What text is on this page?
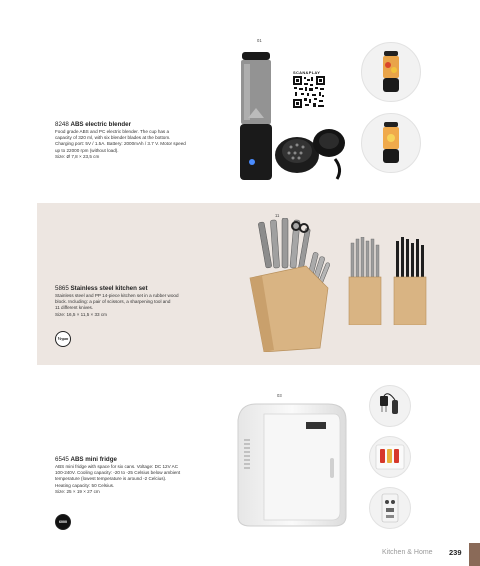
01
SCAN&PLAY
8248 ABS electric blender
Food grade ABS and PC electric blender. The cup has a
capacity of 320 ml, with six blender blades at the bottom.
Charging port: 5V / 1.5A. Battery: 2000mAh / 3.7 V. Motor speed
up to 22000 rpm (without load).
Size: Ø 7,8 × 23,5 cm
11
5865 Stainless steel kitchen set
Stainless steel and PP 14-piece kitchen set in a rubber wood
block. Including: a pair of scissors, a sharpening tool and
11 different knives.
Size: 16,5 × 11,5 × 33 cm
Vegan
03
6545 ABS mini fridge
ABS mini fridge with space for six cans. Voltage: DC 12V AC
100-240V. Cooling capacity: -20 to -25 Celsius below ambient
temperature (lowest temperature is around -2 Celcius).
Heating capacity: 50 Celsius.
Size: 25 × 19 × 27 cm
6000
Kitchen & Home 239
